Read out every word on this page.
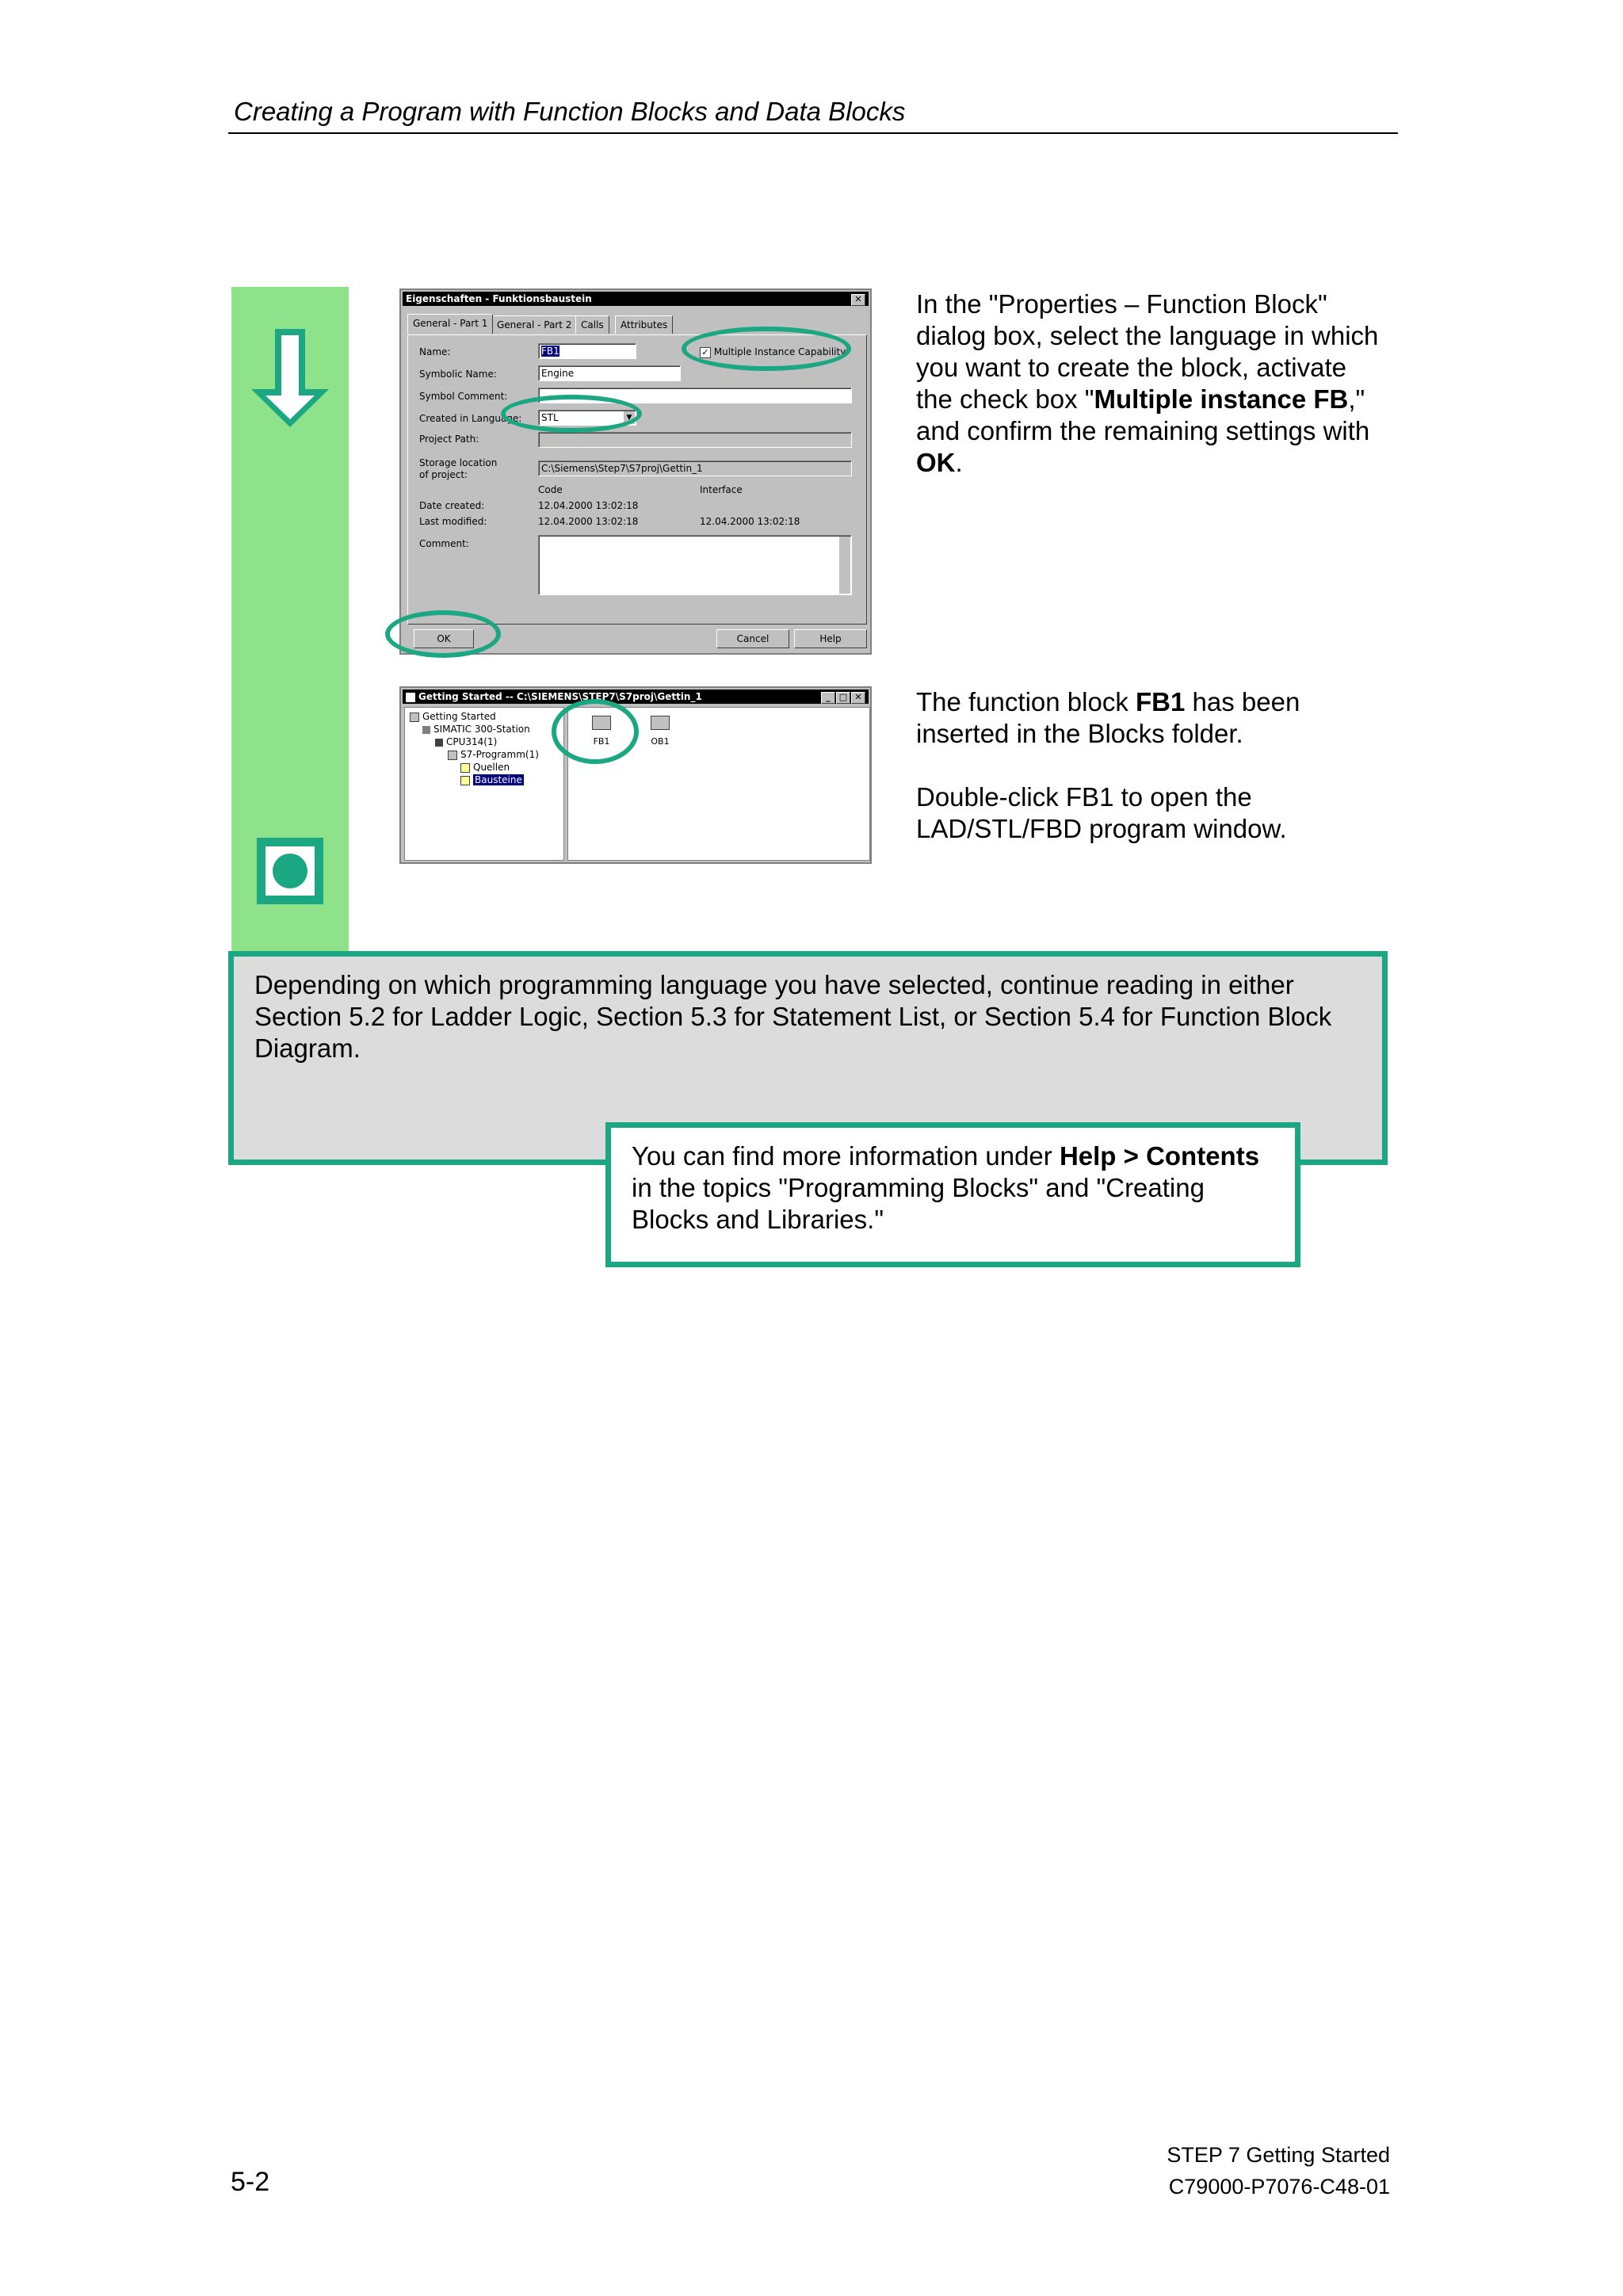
Creating a Program with Function Blocks and Data Blocks
Eigenschaften - Funktionsbaustein	✕
General - Part 1 General - Part 2 Calls	Attributes
Name:	FB1	✓ Multiple Instance Capability
Symbolic Name:	Engine
Symbol Comment:
Created in Language:	STL	▼
Project Path:
Storage location
of project:
C:\Siemens\Step7\S7proj\Gettin_1
Code	Interface
Date created:	12.04.2000 13:02:18
Last modified:	12.04.2000 13:02:18	12.04.2000 13:02:18
Comment:
OK	Cancel	Help
In the "Properties – Function Block" dialog box, select the language in which you want to create the block, activate the check box "Multiple instance FB," and confirm the remaining settings with OK.
Getting Started -- C:\SIEMENS\STEP7\S7proj\Gettin_1	_	□ ✕
Getting Started
SIMATIC 300-Station
CPU314(1)
S7-Programm(1)
Quellen
Bausteine
FB1	OB1
The function block FB1 has been inserted in the Blocks folder.
Double-click FB1 to open the LAD/STL/FBD program window.
Depending on which programming language you have selected, continue reading in either Section 5.2 for Ladder Logic, Section 5.3 for Statement List, or Section 5.4 for Function Block Diagram.
You can find more information under Help > Contents in the topics "Programming Blocks" and "Creating Blocks and Libraries."
5-2
STEP 7 Getting Started
C79000-P7076-C48-01
